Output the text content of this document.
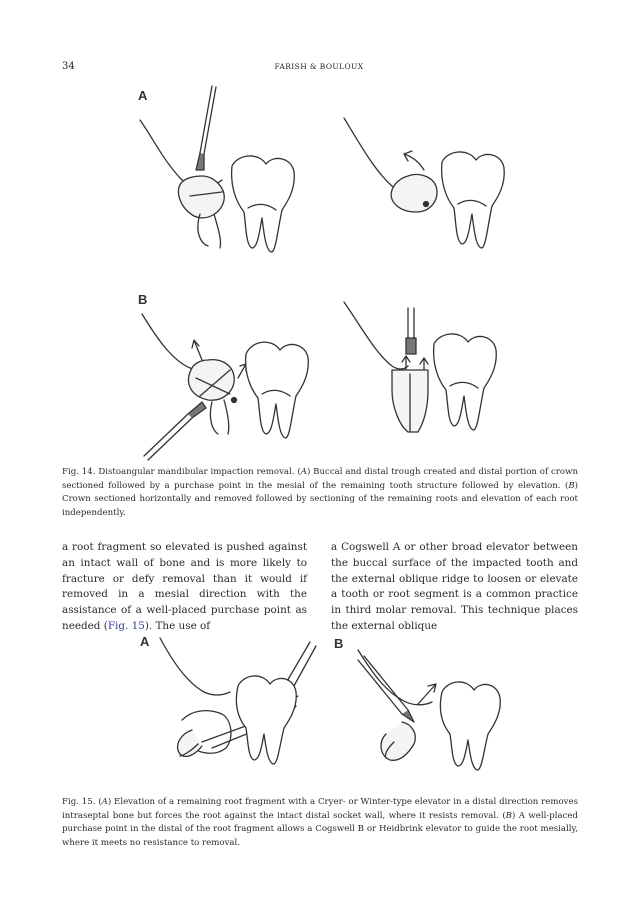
34	FARISH & BOULOUX
A
B
Fig. 14. Distoangular mandibular impaction removal. (A) Buccal and distal trough created and distal portion of crown sectioned followed by a purchase point in the mesial of the remaining tooth structure followed by elevation. (B) Crown sectioned horizontally and removed followed by sectioning of the remaining roots and elevation of each root independently.
a root fragment so elevated is pushed against an intact wall of bone and is more likely to fracture or defy removal than it would if removed in a mesial direction with the assistance of a well-placed purchase point as needed (Fig. 15). The use of
a Cogswell A or other broad elevator between the buccal surface of the impacted tooth and the external oblique ridge to loosen or elevate a tooth or root segment is a common practice in third molar removal. This technique places the external oblique
A	B
Fig. 15. (A) Elevation of a remaining root fragment with a Cryer- or Winter-type elevator in a distal direction removes intraseptal bone but forces the root against the intact distal socket wall, where it resists removal. (B) A well-placed purchase point in the distal of the root fragment allows a Cogswell B or Heidbrink elevator to guide the root mesially, where it meets no resistance to removal.
